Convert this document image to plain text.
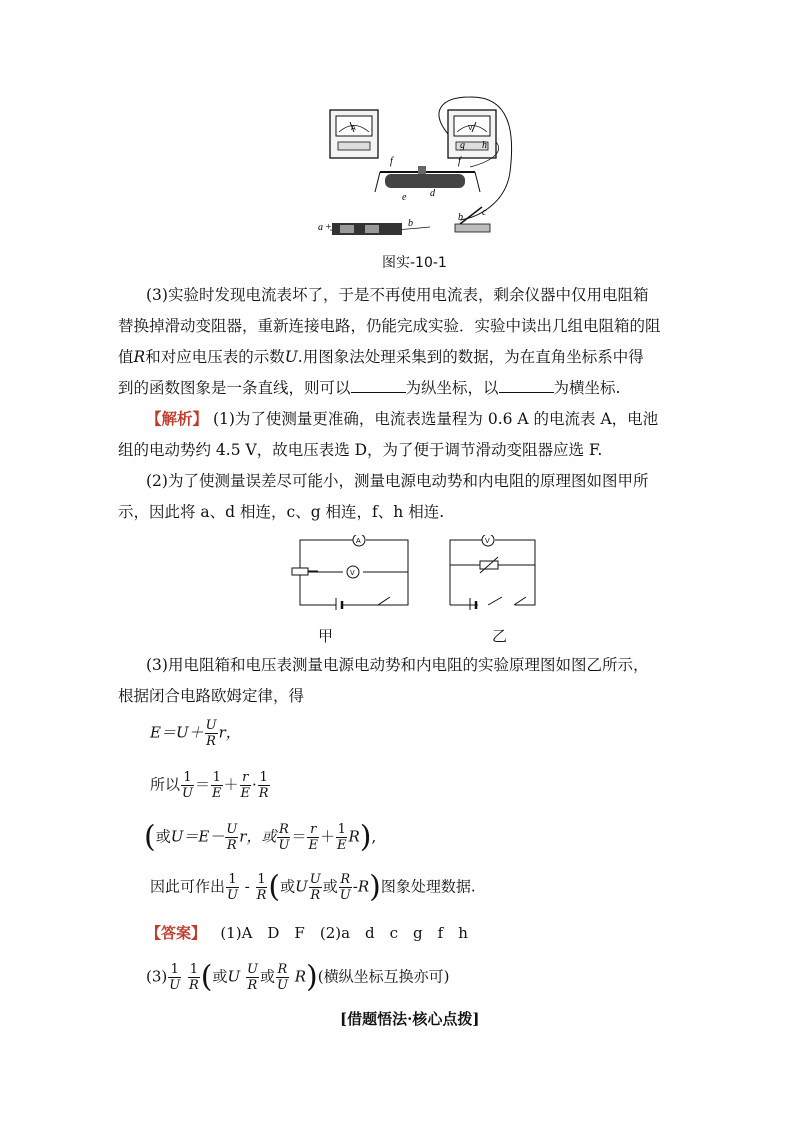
A	V
a +	b
b c
d
e
f	f
g h
图实-10-1
(3)实验时发现电流表坏了，于是不再使用电流表，剩余仪器中仅用电阻箱
替换掉滑动变阻器，重新连接电路，仍能完成实验．实验中读出几组电阻箱的阻
值R和对应电压表的示数U.用图象法处理采集到的数据，为在直角坐标系中得
到的函数图象是一条直线，则可以	为纵坐标，以	为横坐标.
【解析】 (1)为了使测量更准确，电流表选量程为 0.6 A 的电流表 A，电池
组的电动势约 4.5 V，故电压表选 D，为了便于调节滑动变阻器应选 F.
(2)为了使测量误差尽可能小，测量电源电动势和内电阻的原理图如图甲所
示，因此将 a、d 相连，c、g 相连，f、h 相连.
A
V
甲
V
乙
(3)用电阻箱和电压表测量电源电动势和内电阻的实验原理图如图乙所示，
根据闭合电路欧姆定律，得
$E=U+ \frac{U}{R}$ r，
所以 $\frac{1}{U} = \frac{1}{E} + \frac{r}{E} \cdot \frac{1}{R}$
(或$U=E- \frac{U}{R}$ r，或 $\frac{R}{U} = \frac{r}{E} + \frac{1}{E} R$),
因此可作出 $\frac{1}{U} - \frac{1}{R}$ (或U $\frac{U}{R}$ 或 $\frac{R}{U} -R$)图象处理数据.
【答案】 (1)A　D　F　(2)a　d　c　g　f　h
$(3) \frac{1}{U}$
$\frac{1}{R}$ (或U $\frac{U}{R}$ 或 $\frac{R}{U} R$)(横纵坐标互换亦可)
[借题悟法·核心点拨]
